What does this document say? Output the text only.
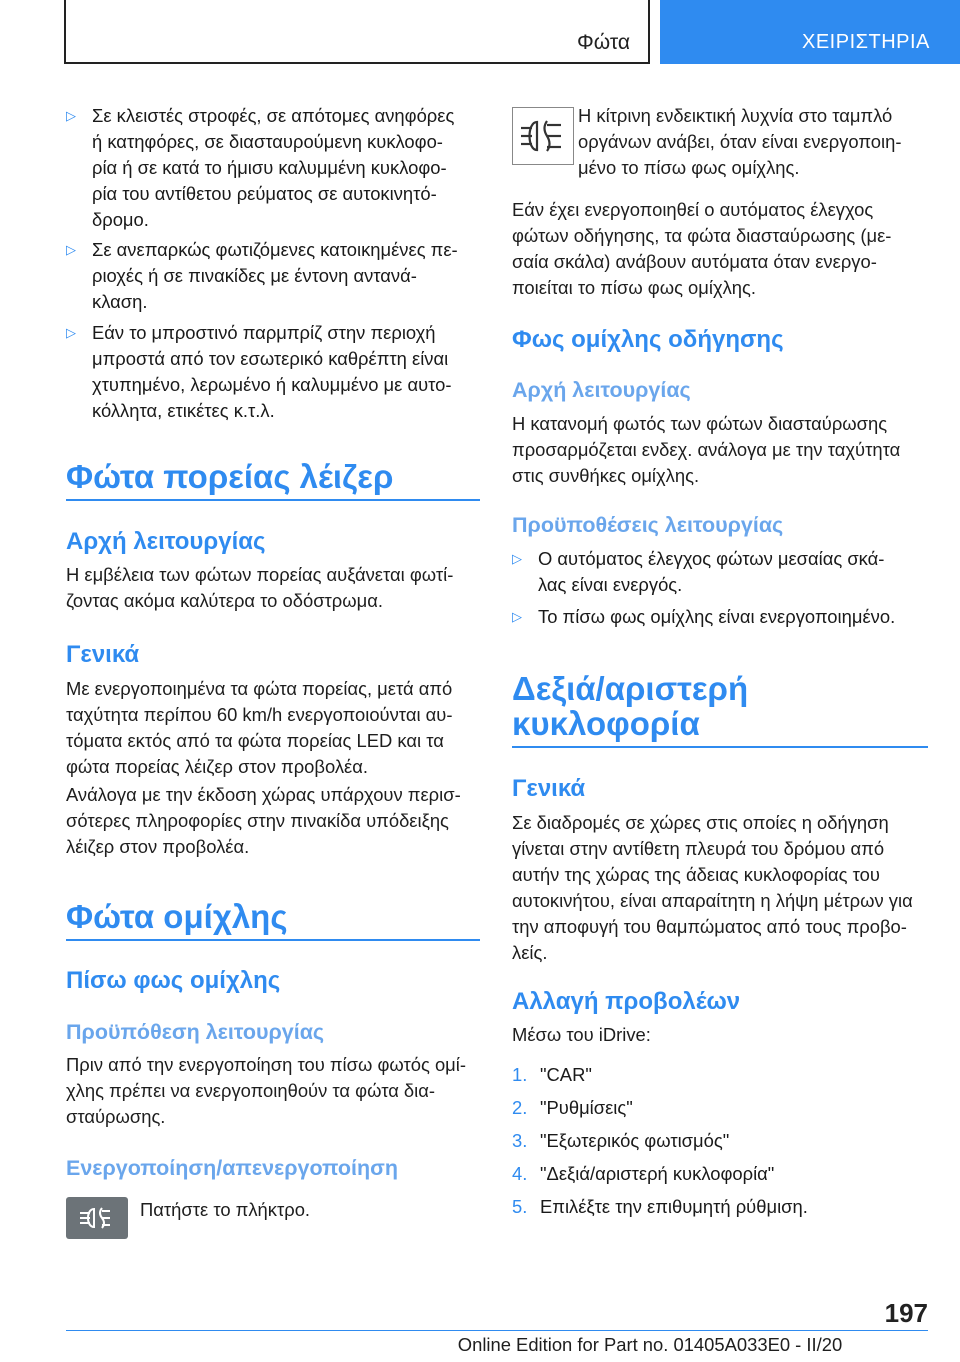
Φώτα	ΧΕΙΡΙΣΤΗΡΙΑ
▷ Σε κλειστές στροφές, σε απότομες ανηφόρες
ή κατηφόρες, σε διασταυρούμενη κυκλοφο-
ρία ή σε κατά το ήμισυ καλυμμένη κυκλοφο-
ρία του αντίθετου ρεύματος σε αυτοκινητό-
δρομο.
▷ Σε ανεπαρκώς φωτιζόμενες κατοικημένες πε-
ριοχές ή σε πινακίδες με έντονη αντανά-
κλαση.
▷ Εάν το μπροστινό παρμπρίζ στην περιοχή
μπροστά από τον εσωτερικό καθρέπτη είναι
χτυπημένο, λερωμένο ή καλυμμένο με αυτο-
κόλλητα, ετικέτες κ.τ.λ.
Φώτα πορείας λέιζερ
Αρχή λειτουργίας
Η εμβέλεια των φώτων πορείας αυξάνεται φωτί-
ζοντας ακόμα καλύτερα το οδόστρωμα.
Γενικά
Με ενεργοποιημένα τα φώτα πορείας, μετά από
ταχύτητα περίπου 60 km/h ενεργοποιούνται αυ-
τόματα εκτός από τα φώτα πορείας LED και τα
φώτα πορείας λέιζερ στον προβολέα.
Ανάλογα με την έκδοση χώρας υπάρχουν περισ-
σότερες πληροφορίες στην πινακίδα υπόδειξης
λέιζερ στον προβολέα.
Φώτα ομίχλης
Πίσω φως ομίχλης
Προϋπόθεση λειτουργίας
Πριν από την ενεργοποίηση του πίσω φωτός ομί-
χλης πρέπει να ενεργοποιηθούν τα φώτα δια-
σταύρωσης.
Ενεργοποίηση/απενεργοποίηση
Πατήστε το πλήκτρο.
Η κίτρινη ενδεικτική λυχνία στο ταμπλό
οργάνων ανάβει, όταν είναι ενεργοποιη-
μένο το πίσω φως ομίχλης.
Εάν έχει ενεργοποιηθεί ο αυτόματος έλεγχος
φώτων οδήγησης, τα φώτα διασταύρωσης (με-
σαία σκάλα) ανάβουν αυτόματα όταν ενεργο-
ποιείται το πίσω φως ομίχλης.
Φως ομίχλης οδήγησης
Αρχή λειτουργίας
Η κατανομή φωτός των φώτων διασταύρωσης
προσαρμόζεται ενδεχ. ανάλογα με την ταχύτητα
στις συνθήκες ομίχλης.
Προϋποθέσεις λειτουργίας
▷ Ο αυτόματος έλεγχος φώτων μεσαίας σκά-
λας είναι ενεργός.
▷ Το πίσω φως ομίχλης είναι ενεργοποιημένο.
Δεξιά/αριστερή
κυκλοφορία
Γενικά
Σε διαδρομές σε χώρες στις οποίες η οδήγηση
γίνεται στην αντίθετη πλευρά του δρόμου από
αυτήν της χώρας της άδειας κυκλοφορίας του
αυτοκινήτου, είναι απαραίτητη η λήψη μέτρων για
την αποφυγή του θαμπώματος από τους προβο-
λείς.
Αλλαγή προβολέων
Μέσω του iDrive:
1. "CAR"
2. "Ρυθμίσεις"
3. "Εξωτερικός φωτισμός"
4. "Δεξιά/αριστερή κυκλοφορία"
5. Επιλέξτε την επιθυμητή ρύθμιση.
197
Online Edition for Part no. 01405A033E0 - II/20
